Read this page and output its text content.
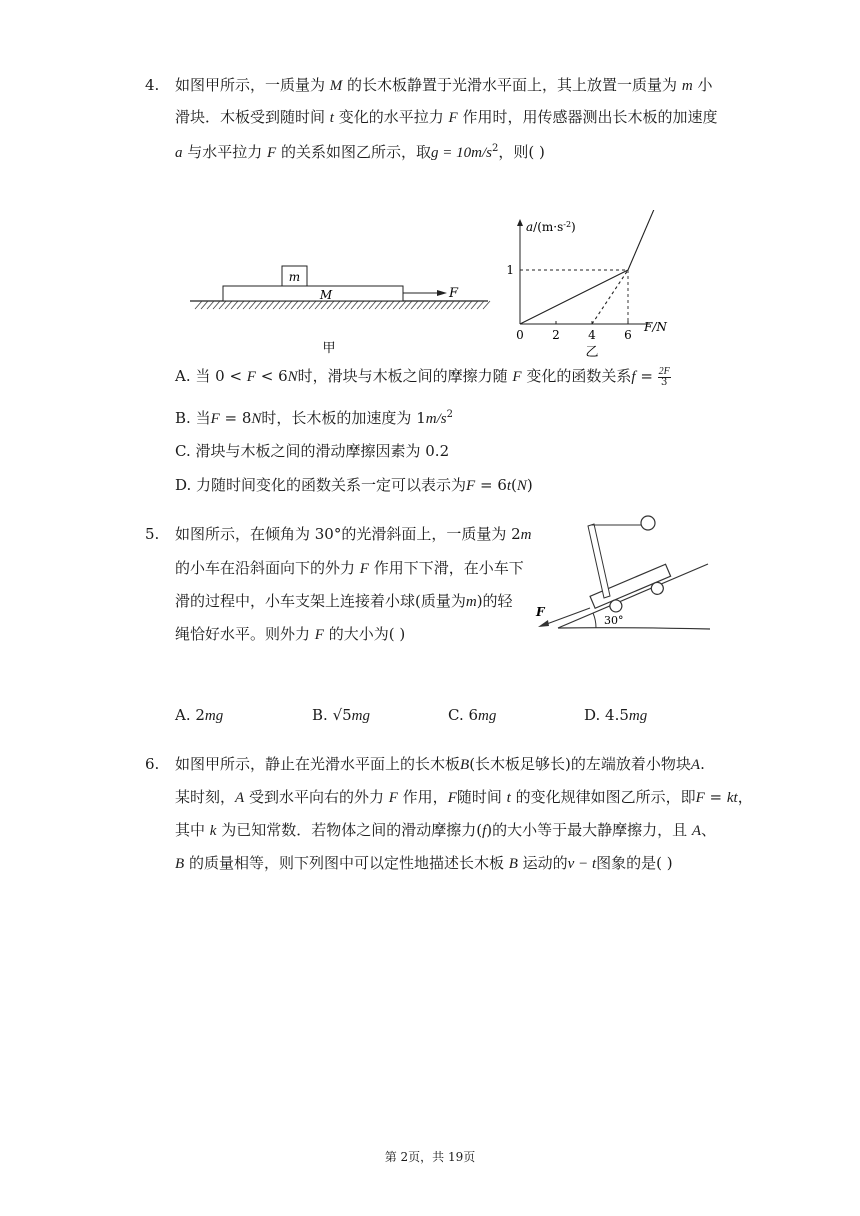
4. 如图甲所示，一质量为 M 的长木板静置于光滑水平面上，其上放置一质量为 m 小
滑块．木板受到随时间 t 变化的水平拉力 F 作用时，用传感器测出长木板的加速度
a 与水平拉力 F 的关系如图乙所示，取$g = 10m/s^2$，则( )
m
M	F
甲
0 2 4 6
1
$a/(m\cdot s^{-2})$
F/N
乙
A. 当 0 < F < 6N时，滑块与木板之间的摩擦力随 F 变化的函数关系$f = \frac{2F}{3}$
B. 当F = 8N时，长木板的加速度为 $1m/s^2$
C. 滑块与木板之间的滑动摩擦因素为 0.2
D. 力随时间变化的函数关系一定可以表示为F = 6t(N)
5. 如图所示，在倾角为 30°的光滑斜面上，一质量为 2m
的小车在沿斜面向下的外力 F 作用下下滑，在小车下
滑的过程中，小车支架上连接着小球(质量为m)的轻
绳恰好水平。则外力 F 的大小为( )
30°
F
A. 2mg	B. √5mg	C. 6mg	D. 4.5mg
6. 如图甲所示，静止在光滑水平面上的长木板B(长木板足够长)的左端放着小物块A.
某时刻，A 受到水平向右的外力 F 作用，F随时间 t 的变化规律如图乙所示，即F = kt，
其中 k 为已知常数．若物体之间的滑动摩擦力(f)的大小等于最大静摩擦力，且 A、
B 的质量相等，则下列图中可以定性地描述长木板 B 运动的v − t图象的是( )
第 2页，共 19页
